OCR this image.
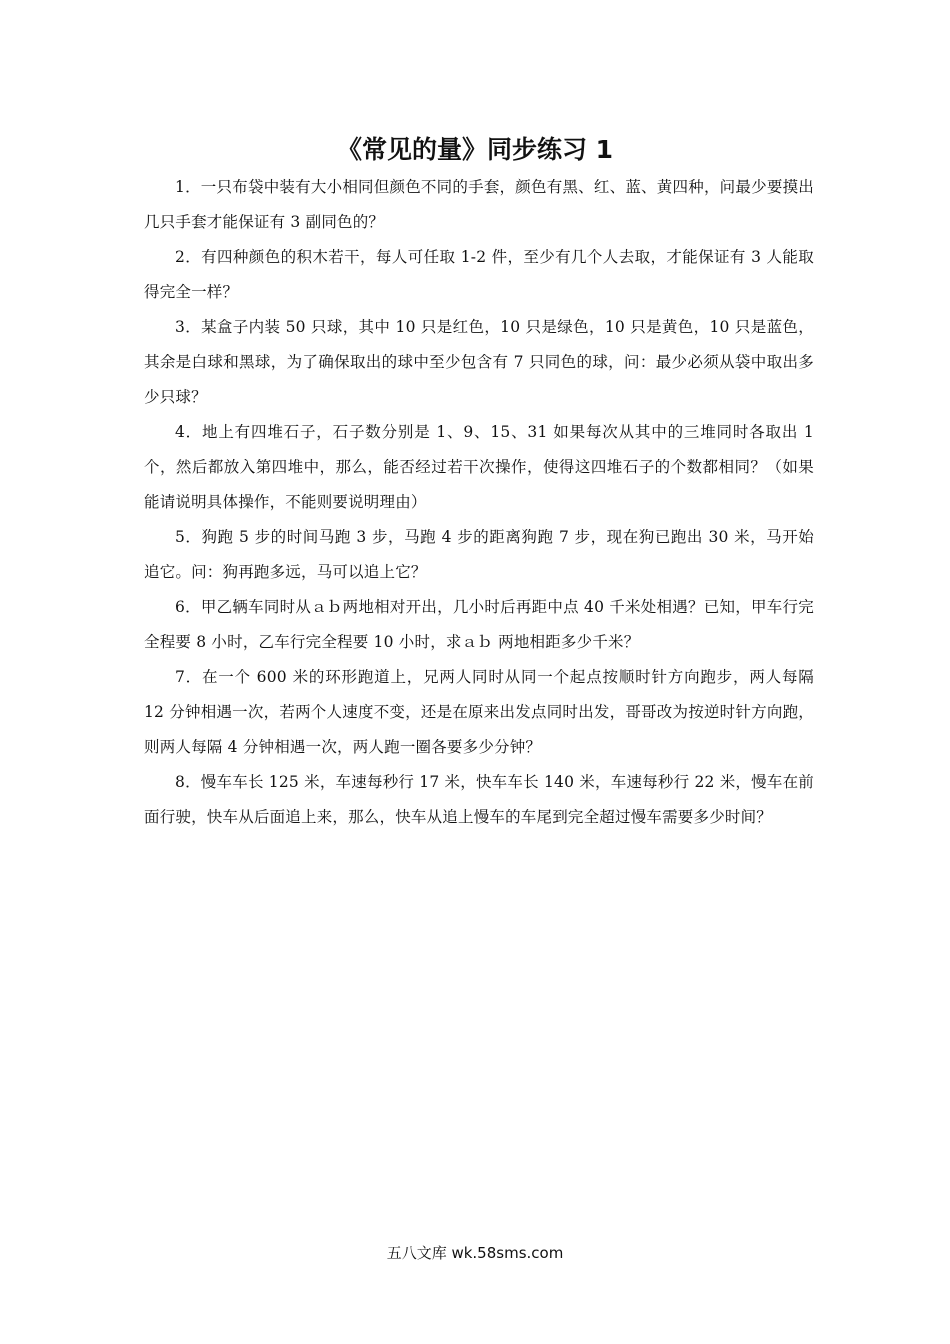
《常见的量》同步练习 1

1．一只布袋中装有大小相同但颜色不同的手套，颜色有黑、红、蓝、黄四种，问最少要摸出几只手套才能保证有 3 副同色的？

2．有四种颜色的积木若干，每人可任取 1-2 件，至少有几个人去取，才能保证有 3 人能取得完全一样？

3．某盒子内装 50 只球，其中 10 只是红色，10 只是绿色，10 只是黄色，10 只是蓝色，其余是白球和黑球，为了确保取出的球中至少包含有 7 只同色的球，问：最少必须从袋中取出多少只球？

4．地上有四堆石子，石子数分别是 1、9、15、31 如果每次从其中的三堆同时各取出 1 个，然后都放入第四堆中，那么，能否经过若干次操作，使得这四堆石子的个数都相同？（如果能请说明具体操作，不能则要说明理由）

5．狗跑 5 步的时间马跑 3 步，马跑 4 步的距离狗跑 7 步，现在狗已跑出 30 米，马开始追它。问：狗再跑多远，马可以追上它？

6．甲乙辆车同时从ａｂ两地相对开出，几小时后再距中点 40 千米处相遇？已知，甲车行完全程要 8 小时，乙车行完全程要 10 小时，求ａｂ 两地相距多少千米？

7．在一个 600 米的环形跑道上，兄两人同时从同一个起点按顺时针方向跑步，两人每隔 12 分钟相遇一次，若两个人速度不变，还是在原来出发点同时出发，哥哥改为按逆时针方向跑，则两人每隔 4 分钟相遇一次，两人跑一圈各要多少分钟？

8．慢车车长 125 米，车速每秒行 17 米，快车车长 140 米，车速每秒行 22 米，慢车在前面行驶，快车从后面追上来，那么，快车从追上慢车的车尾到完全超过慢车需要多少时间？

五八文库 wk.58sms.com
